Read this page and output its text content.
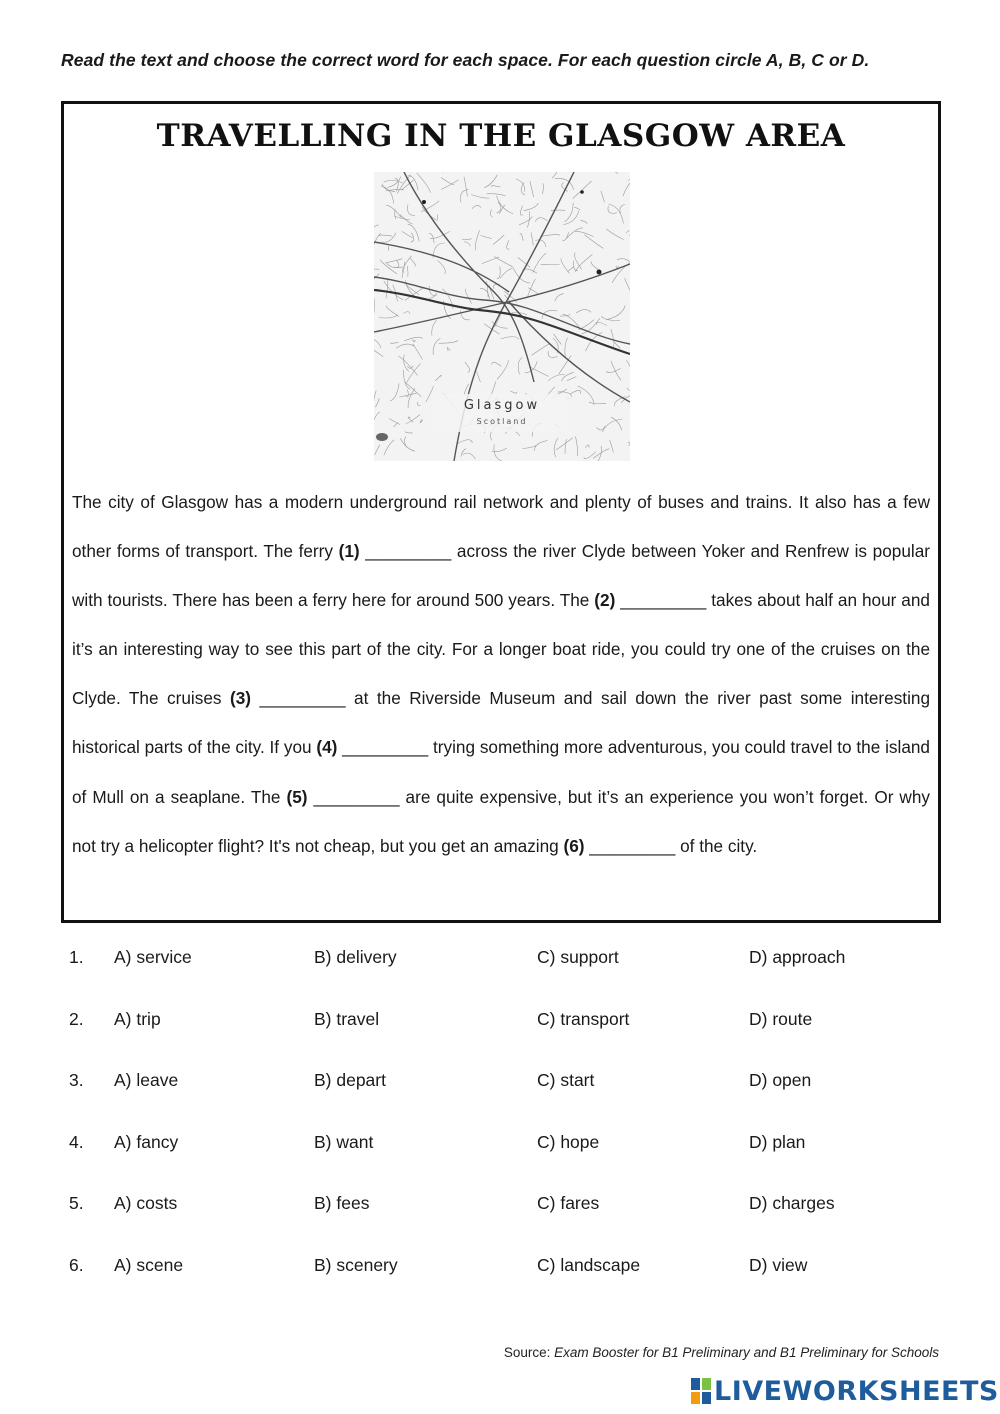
Read the text and choose the correct word for each space. For each question circle A, B, C or D.
TRAVELLING IN THE GLASGOW AREA
Glasgow
Scotland
The city of Glasgow has a modern underground rail network and plenty of buses and trains. It also has a few other forms of transport. The ferry (1) _________ across the river Clyde between Yoker and Renfrew is popular with tourists. There has been a ferry here for around 500 years. The (2) _________ takes about half an hour and it’s an interesting way to see this part of the city. For a longer boat ride, you could try one of the cruises on the Clyde. The cruises (3) _________ at the Riverside Museum and sail down the river past some interesting historical parts of the city. If you (4) _________ trying something more adventurous, you could travel to the island of Mull on a seaplane. The (5) _________ are quite expensive, but it’s an experience you won’t forget. Or why not try a helicopter flight? It's not cheap, but you get an amazing (6) _________ of the city.
1. A) service	B) delivery	C) support	D) approach
2. A) trip	B) travel	C) transport	D) route
3. A) leave	B) depart	C) start	D) open
4. A) fancy	B) want	C) hope	D) plan
5. A) costs	B) fees	C) fares	D) charges
6. A) scene	B) scenery	C) landscape	D) view
Source: Exam Booster for B1 Preliminary and B1 Preliminary for Schools
LIVEWORKSHEETS
